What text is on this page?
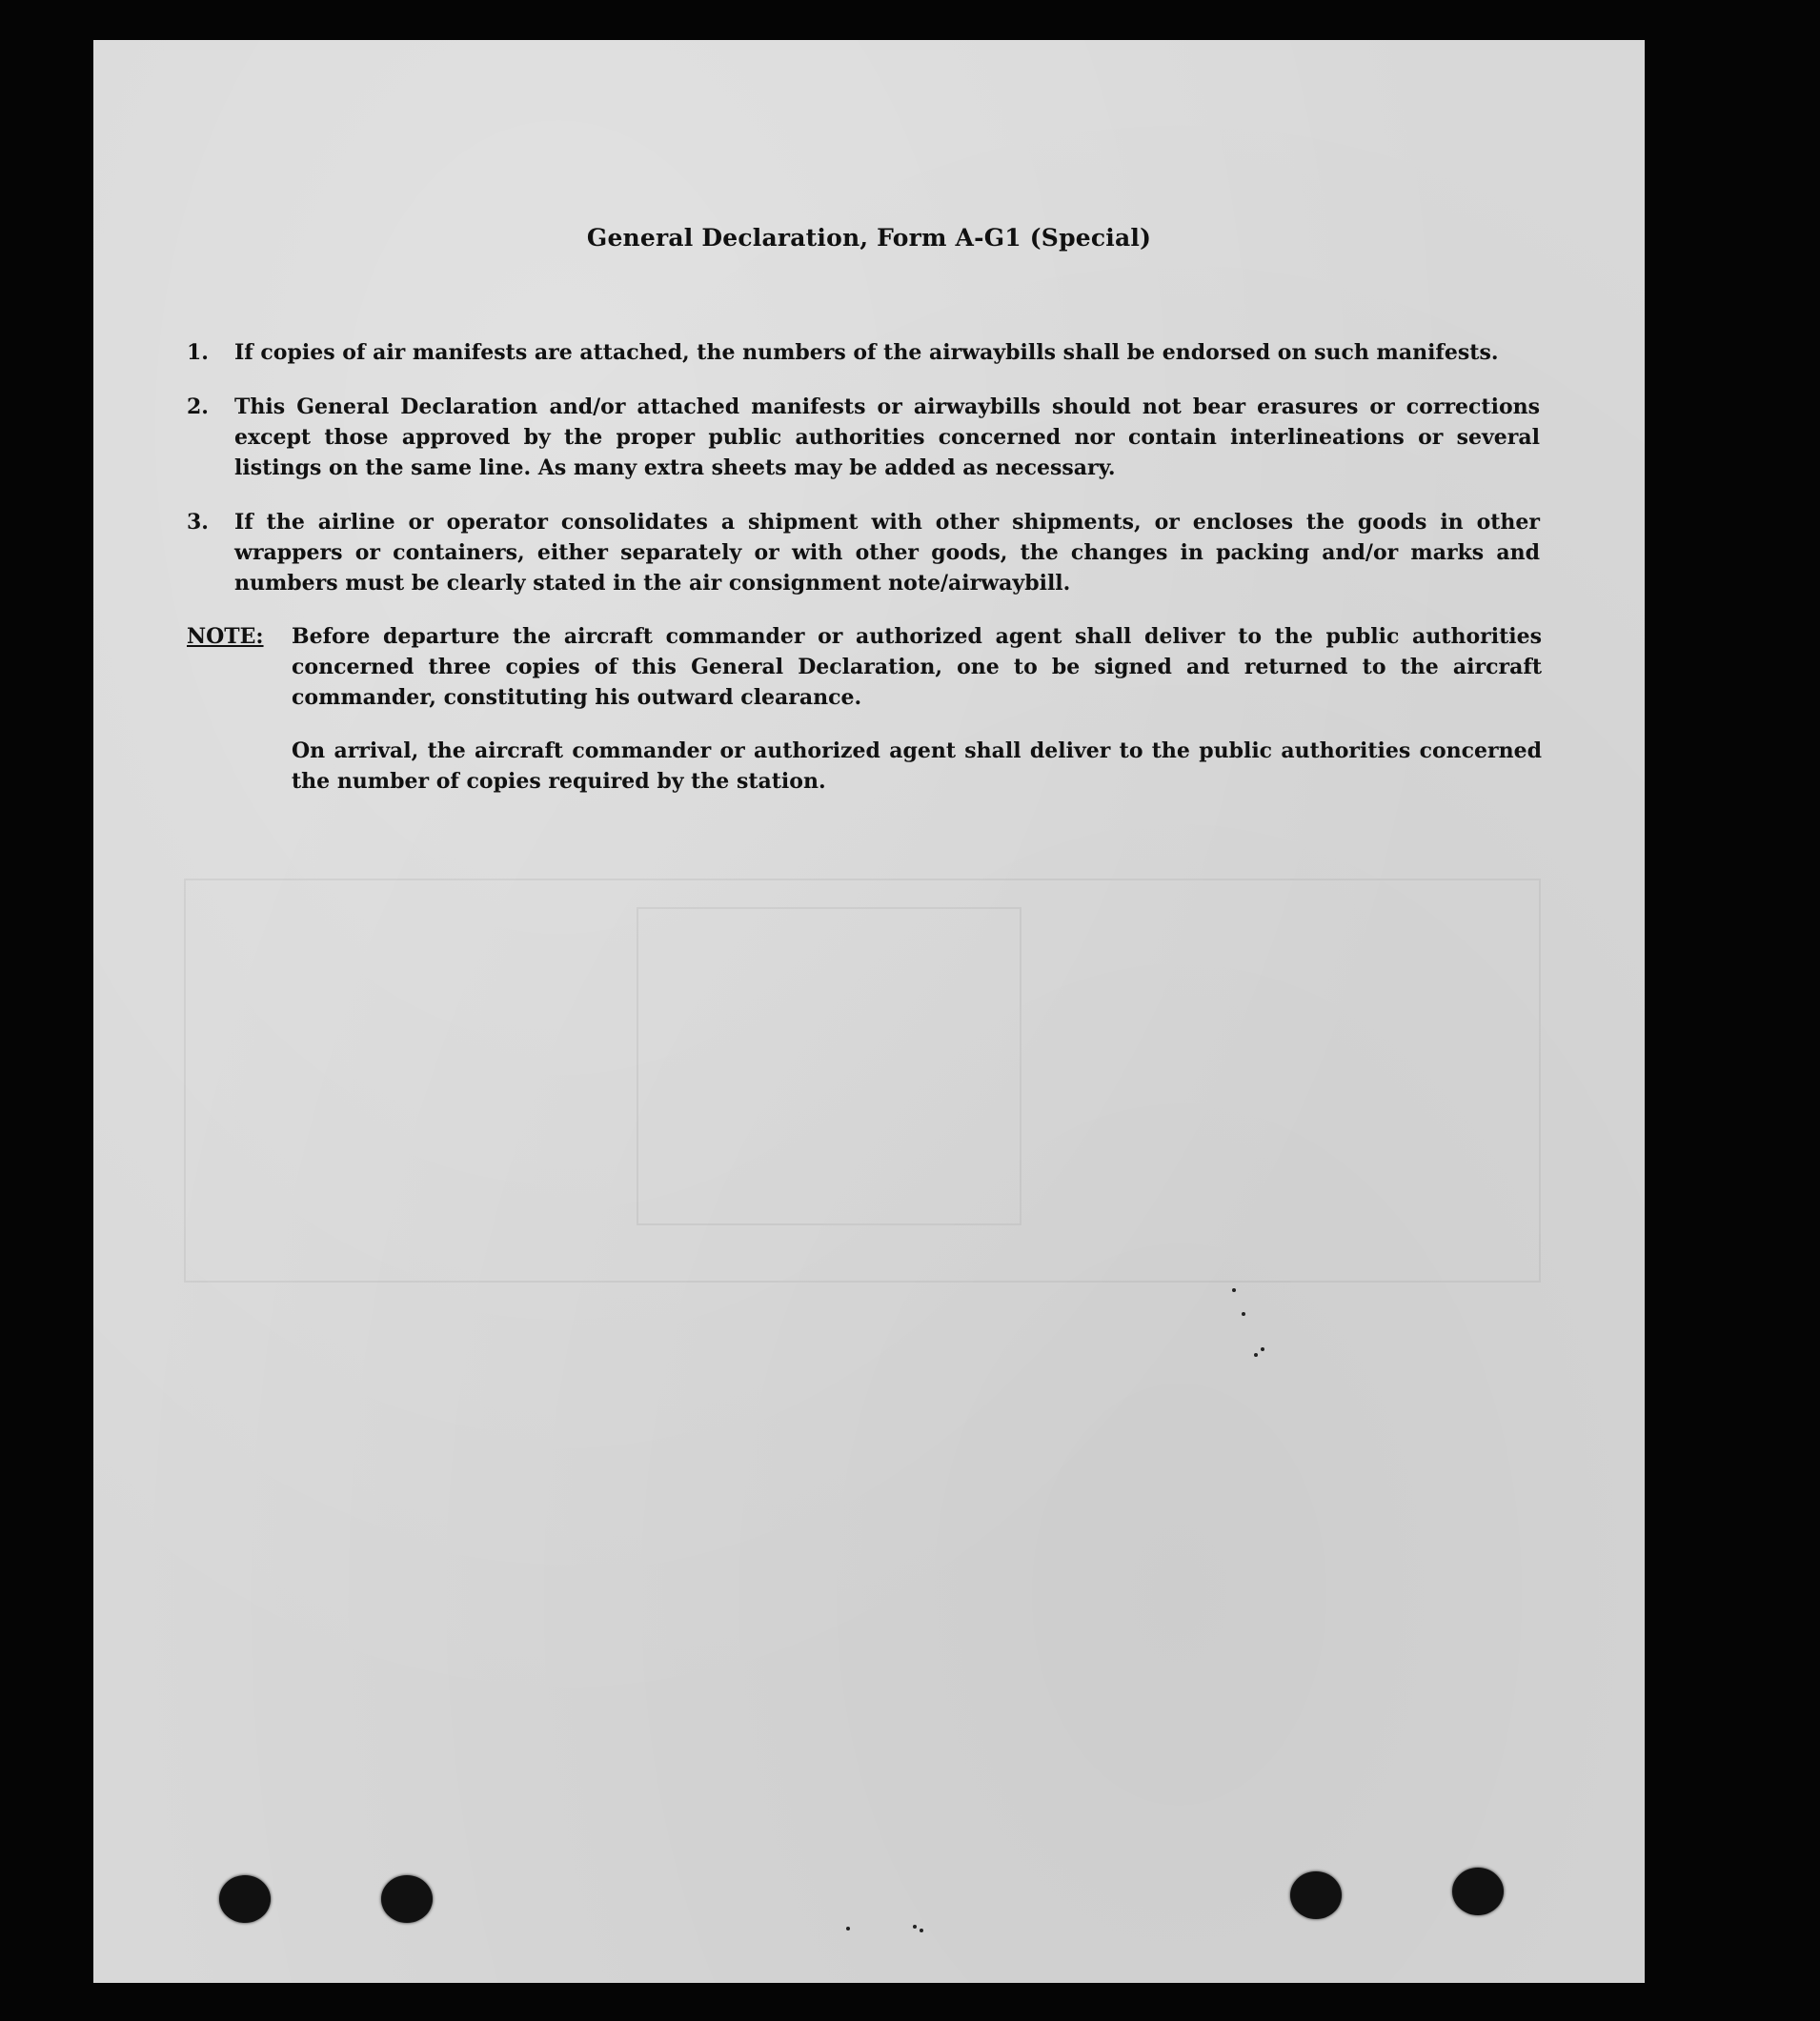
General Declaration, Form A-G1 (Special)
1.	If copies of air manifests are attached, the numbers of the airwaybills shall be endorsed on such manifests.
2.	This General Declaration and/or attached manifests or airwaybills should not bear erasures or corrections except those approved by the proper public authorities concerned nor contain interlineations or several listings on the same line. As many extra sheets may be added as necessary.
3.	If the airline or operator consolidates a shipment with other shipments, or encloses the goods in other wrappers or containers, either separately or with other goods, the changes in packing and/or marks and numbers must be clearly stated in the air consignment note/airwaybill.
NOTE: Before departure the aircraft commander or authorized agent shall deliver to the public authorities concerned three copies of this General Declaration, one to be signed and returned to the aircraft commander, constituting his outward clearance.
On arrival, the aircraft commander or authorized agent shall deliver to the public authorities concerned the number of copies required by the station.
